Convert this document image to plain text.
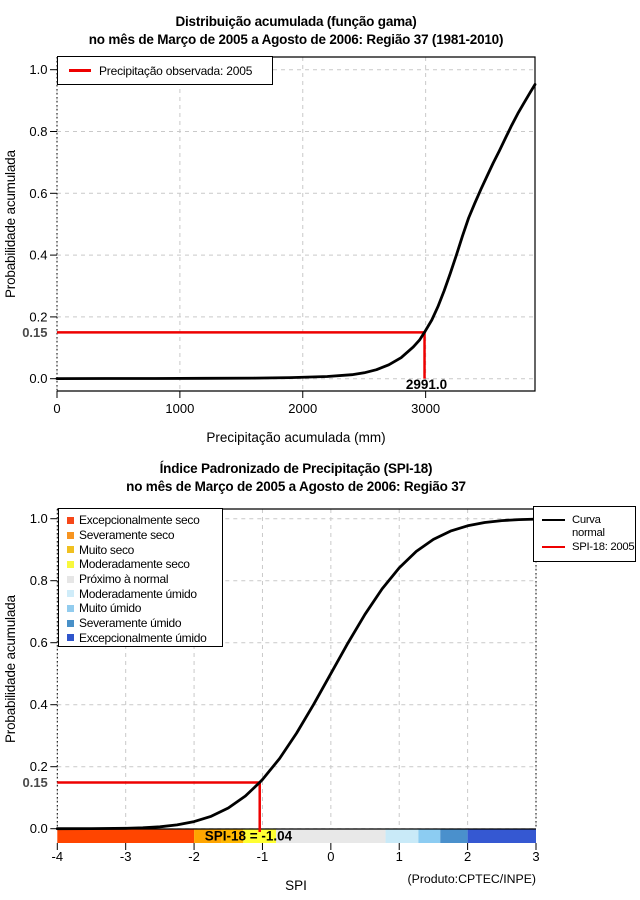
0.0
0.2
0.4
0.6
0.8
1.0
0.15
0	1000	2000	3000
2991.0
0.0
0.2
0.4
0.6
0.8
1.0
0.15
-4	-3	-2	-1	0	1	2	3
SPI-18 = -1.04
Distribuição acumulada (função gama)
no mês de Março de 2005 a Agosto de 2006: Região 37 (1981-2010)
Probabilidade acumulada
Precipitação acumulada (mm)
Precipitação observada: 2005
Índice Padronizado de Precipitação (SPI-18)
no mês de Março de 2005 a Agosto de 2006: Região 37
Probabilidade acumulada
SPI	(Produto:CPTEC/INPE)
Excepcionalmente seco
Severamente seco
Muito seco
Moderadamente seco
Próximo à normal
Moderadamente úmido
Muito úmido
Severamente úmido
Excepcionalmente úmido
Curva
normal
SPI-18: 2005
